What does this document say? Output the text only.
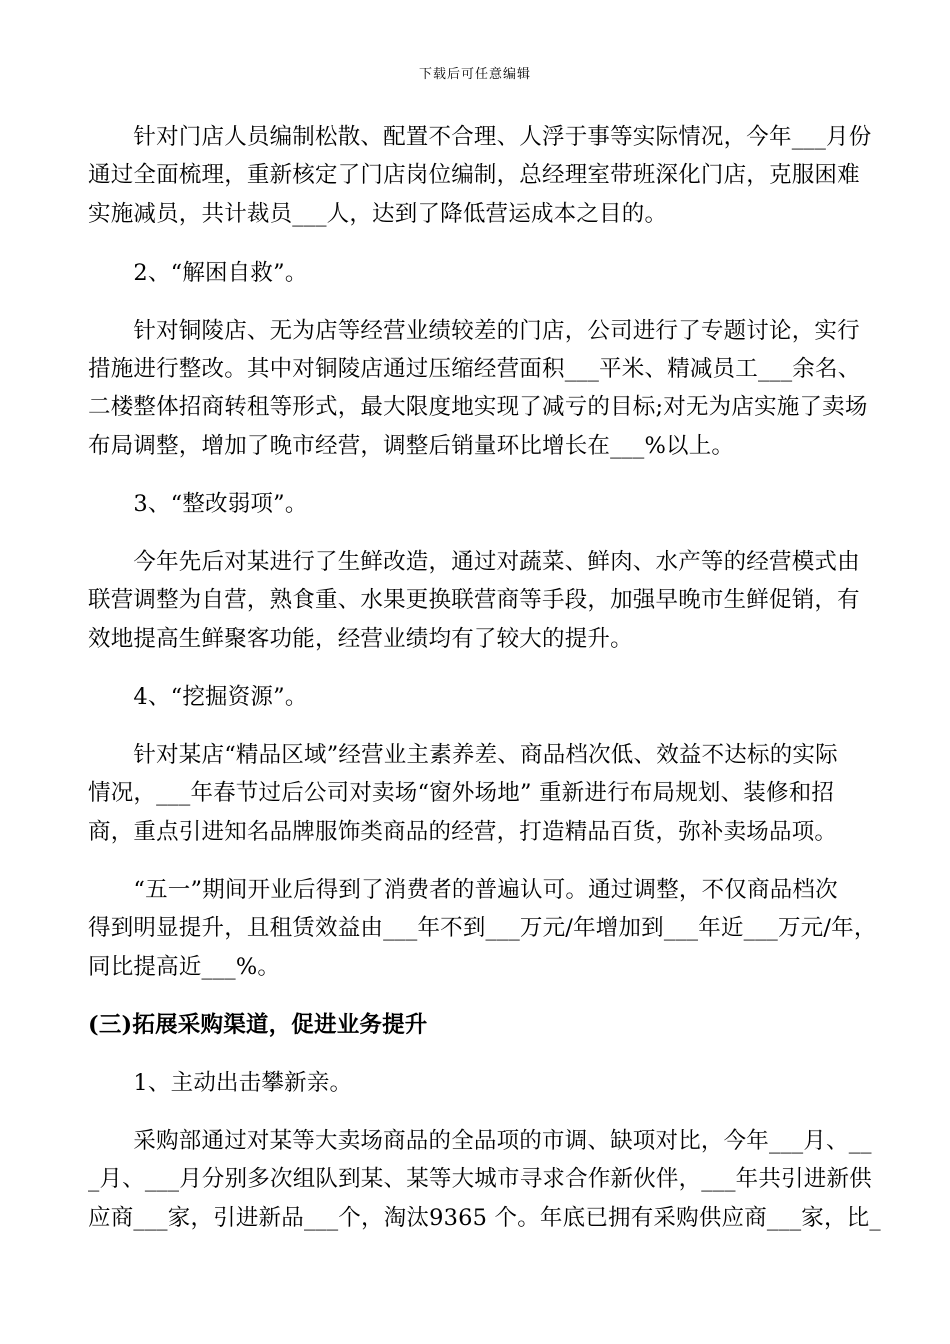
下载后可任意编辑
　　针对门店人员编制松散、配置不合理、人浮于事等实际情况，今年___月份
通过全面梳理，重新核定了门店岗位编制，总经理室带班深化门店，克服困难
实施减员，共计裁员___人，达到了降低营运成本之目的。
　　2、“解困自救”。
　　针对铜陵店、无为店等经营业绩较差的门店，公司进行了专题讨论，实行
措施进行整改。其中对铜陵店通过压缩经营面积___平米、精减员工___余名、
二楼整体招商转租等形式，最大限度地实现了减亏的目标;对无为店实施了卖场
布局调整，增加了晚市经营，调整后销量环比增长在___%以上。
　　3、“整改弱项”。
　　今年先后对某进行了生鲜改造，通过对蔬菜、鲜肉、水产等的经营模式由
联营调整为自营，熟食重、水果更换联营商等手段，加强早晚市生鲜促销，有
效地提高生鲜聚客功能，经营业绩均有了较大的提升。
　　4、“挖掘资源”。
　　针对某店“精品区域”经营业主素养差、商品档次低、效益不达标的实际
情况，___年春节过后公司对卖场“窗外场地” 重新进行布局规划、装修和招
商，重点引进知名品牌服饰类商品的经营，打造精品百货，弥补卖场品项。
　　“五一”期间开业后得到了消费者的普遍认可。通过调整，不仅商品档次
得到明显提升，且租赁效益由___年不到___万元/年增加到___年近___万元/年，
同比提高近___%。
(三)拓展采购渠道，促进业务提升
　　1、主动出击攀新亲。
　　采购部通过对某等大卖场商品的全品项的市调、缺项对比，今年___月、__
_月、___月分别多次组队到某、某等大城市寻求合作新伙伴，___年共引进新供
应商___家，引进新品___个，淘汰9365 个。年底已拥有采购供应商___家，比_
